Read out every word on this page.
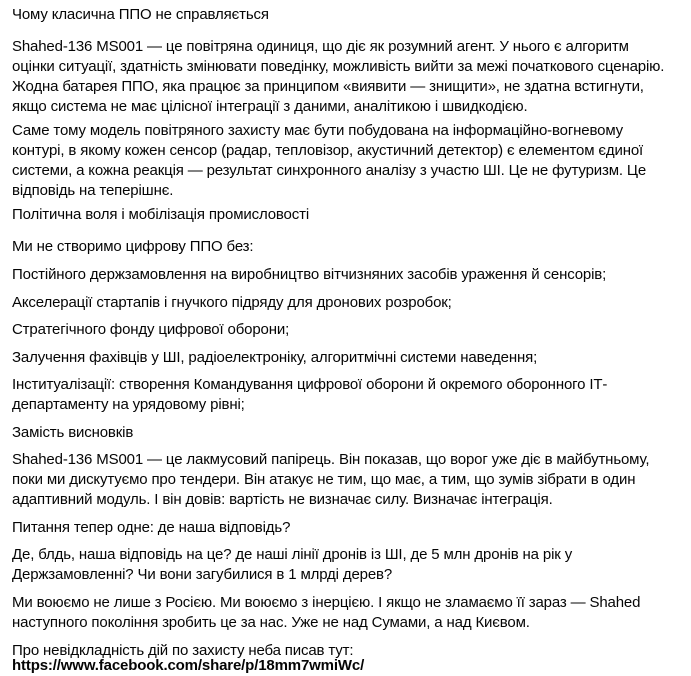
Чому класична ППО не справляється

Shahed-136 MS001 — це повітряна одиниця, що діє як розумний агент. У нього є алгоритм
оцінки ситуації, здатність змінювати поведінку, можливість вийти за межі початкового сценарію.
Жодна батарея ППО, яка працює за принципом «виявити — знищити», не здатна встигнути,
якщо система не має цілісної інтеграції з даними, аналітикою і швидкодією.

Саме тому модель повітряного захисту має бути побудована на інформаційно-вогневому
контурі, в якому кожен сенсор (радар, тепловізор, акустичний детектор) є елементом єдиної
системи, а кожна реакція — результат синхронного аналізу з участю ШІ. Це не футуризм. Це
відповідь на теперішнє.

Політична воля і мобілізація промисловості

Ми не створимо цифрову ППО без:

Постійного держзамовлення на виробництво вітчизняних засобів ураження й сенсорів;

Акселерації стартапів і гнучкого підряду для дронових розробок;

Стратегічного фонду цифрової оборони;

Залучення фахівців у ШІ, радіоелектроніку, алгоритмічні системи наведення;

Інституалізації: створення Командування цифрової оборони й окремого оборонного ІТ-
департаменту на урядовому рівні;

Замість висновків

Shahed-136 MS001 — це лакмусовий папірець. Він показав, що ворог уже діє в майбутньому,
поки ми дискутуємо про тендери. Він атакує не тим, що має, а тим, що зумів зібрати в один
адаптивний модуль. І він довів: вартість не визначає силу. Визначає інтеграція.

Питання тепер одне: де наша відповідь?

Де, блдь, наша відповідь на це? де наші лінії дронів із ШІ, де 5 млн дронів на рік у
Держзамовленні? Чи вони загубилися в 1 млрді дерев?

Ми воюємо не лише з Росією. Ми воюємо з інерцією. І якщо не зламаємо її зараз — Shahed
наступного покоління зробить це за нас. Уже не над Сумами, а над Києвом.

Про невідкладність дій по захисту неба писав тут:

https://www.facebook.com/share/p/18mm7wmiWc/
